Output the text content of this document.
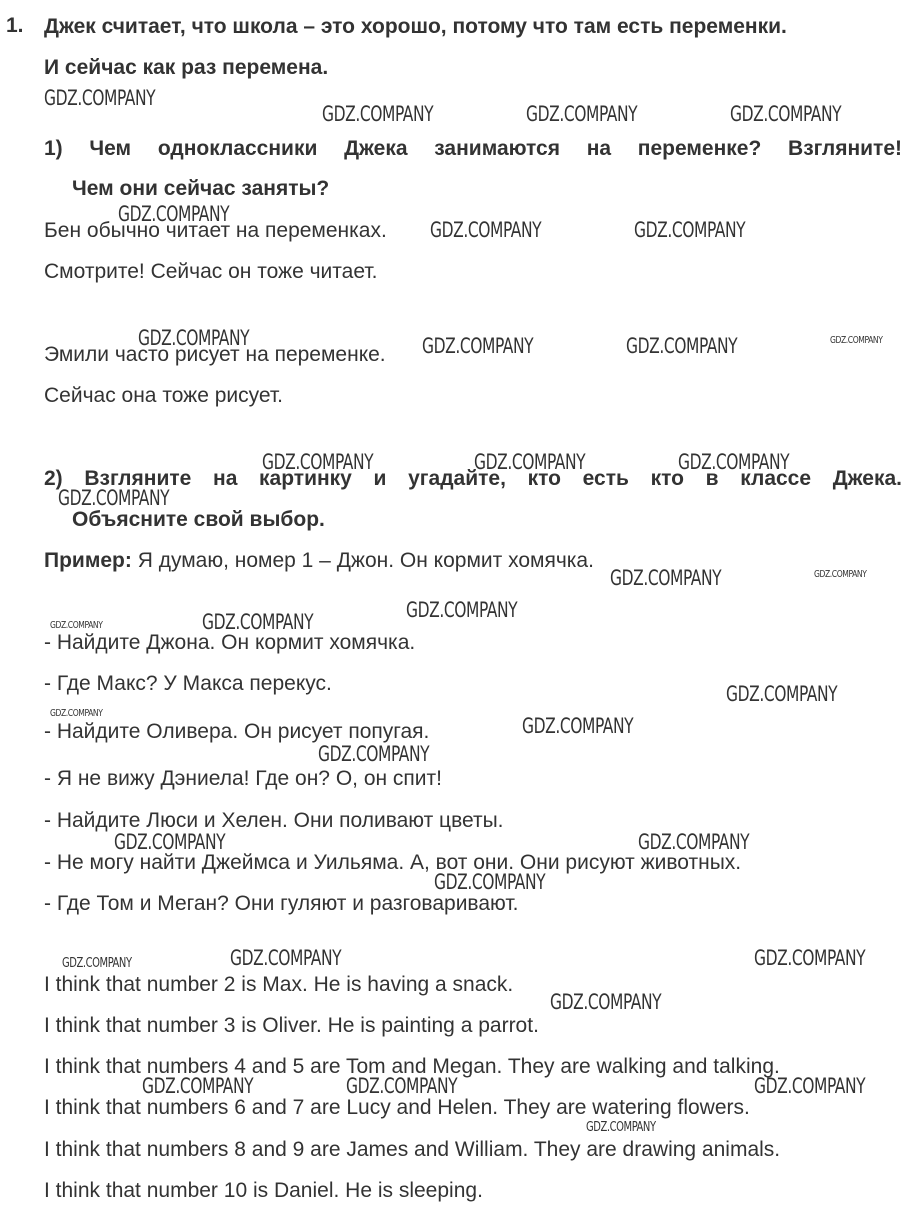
1. Джек считает, что школа – это хорошо, потому что там есть переменки.
И сейчас как раз перемена.
1) Чем одноклассники Джека занимаются на переменке? Взгляните!
Чем они сейчас заняты?
Бен обычно читает на переменках.
Смотрите! Сейчас он тоже читает.
Эмили часто рисует на переменке.
Сейчас она тоже рисует.
2) Взгляните на картинку и угадайте, кто есть кто в классе Джека.
Объясните свой выбор.
Пример: Я думаю, номер 1 – Джон. Он кормит хомячка.
- Найдите Джона. Он кормит хомячка.
- Где Макс? У Макса перекус.
- Найдите Оливера. Он рисует попугая.
- Я не вижу Дэниела! Где он? О, он спит!
- Найдите Люси и Хелен. Они поливают цветы.
- Не могу найти Джеймса и Уильяма. А, вот они. Они рисуют животных.
- Где Том и Меган? Они гуляют и разговаривают.
I think that number 2 is Max. He is having a snack.
I think that number 3 is Oliver. He is painting a parrot.
I think that numbers 4 and 5 are Tom and Megan. They are walking and talking.
I think that numbers 6 and 7 are Lucy and Helen. They are watering flowers.
I think that numbers 8 and 9 are James and William. They are drawing animals.
I think that number 10 is Daniel. He is sleeping.
GDZ.COMPANY
GDZ.COMPANY	GDZ.COMPANY	GDZ.COMPANY
GDZ.COMPANY
GDZ.COMPANY	GDZ.COMPANY
GDZ.COMPANY	GDZ.COMPANY	GDZ.COMPANY	GDZ.COMPANY
GDZ.COMPANY	GDZ.COMPANY	GDZ.COMPANY
GDZ.COMPANY
GDZ.COMPANY	GDZ.COMPANY
GDZ.COMPANY
GDZ.COMPANY	GDZ.COMPANY
GDZ.COMPANY
GDZ.COMPANY
GDZ.COMPANY
GDZ.COMPANY
GDZ.COMPANY	GDZ.COMPANY
GDZ.COMPANY
GDZ.COMPANY	GDZ.COMPANY
GDZ.COMPANY
GDZ.COMPANY
GDZ.COMPANY	GDZ.COMPANY	GDZ.COMPANY
GDZ.COMPANY
